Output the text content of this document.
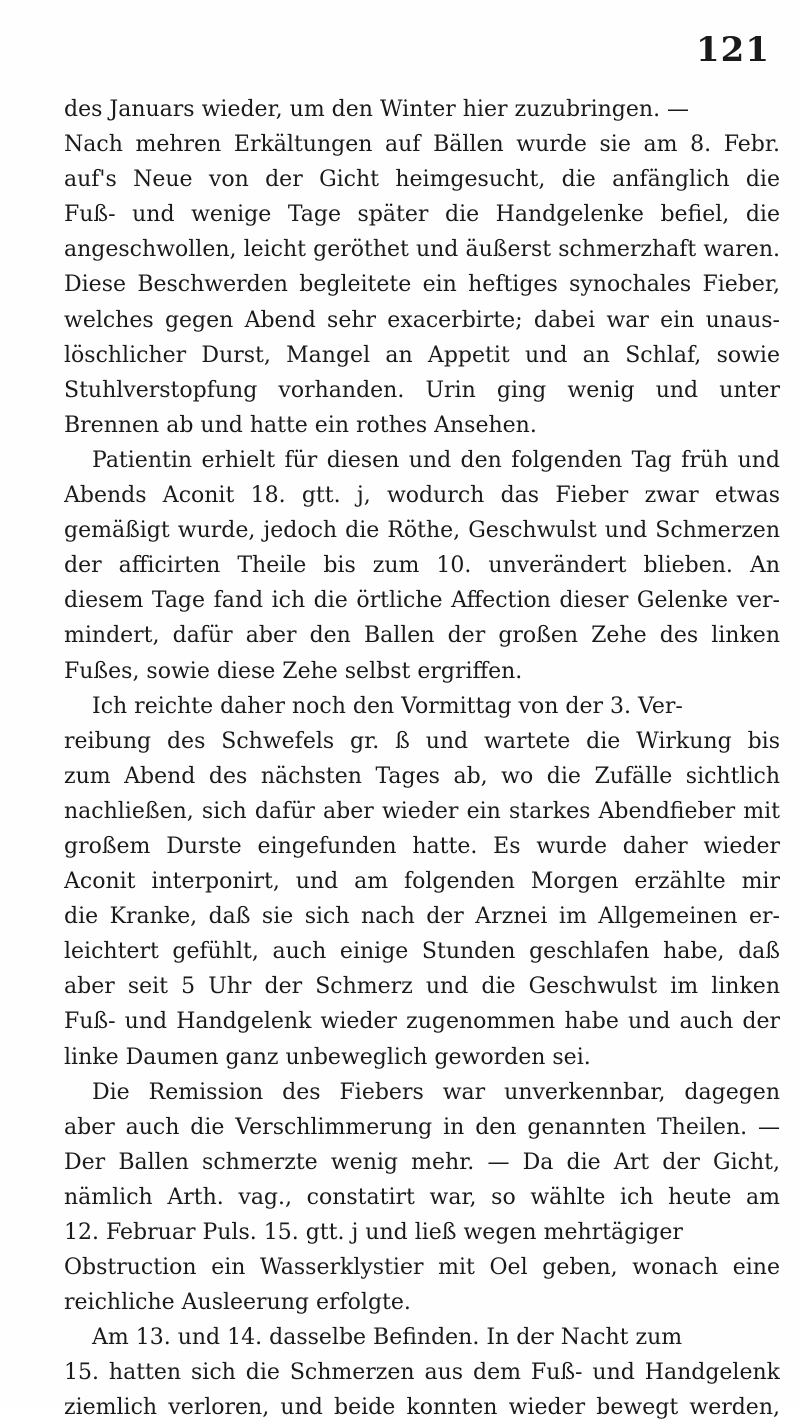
121
des Januars wieder, um den Winter hier zuzubringen. —
Nach mehren Erkältungen auf Bällen wurde sie am 8. Febr.
auf's Neue von der Gicht heimgesucht, die anfänglich die
Fuß- und wenige Tage später die Handgelenke befiel, die
angeschwollen, leicht geröthet und äußerst schmerzhaft waren.
Diese Beschwerden begleitete ein heftiges synochales Fieber,
welches gegen Abend sehr exacerbirte; dabei war ein unaus-
löschlicher Durst, Mangel an Appetit und an Schlaf, sowie
Stuhlverstopfung vorhanden. Urin ging wenig und unter
Brennen ab und hatte ein rothes Ansehen.
Patientin erhielt für diesen und den folgenden Tag früh und
Abends Aconit 18. gtt. j, wodurch das Fieber zwar etwas
gemäßigt wurde, jedoch die Röthe, Geschwulst und Schmerzen
der afficirten Theile bis zum 10. unverändert blieben. An
diesem Tage fand ich die örtliche Affection dieser Gelenke ver-
mindert, dafür aber den Ballen der großen Zehe des linken
Fußes, sowie diese Zehe selbst ergriffen.
Ich reichte daher noch den Vormittag von der 3. Ver-
reibung des Schwefels gr. ß und wartete die Wirkung bis
zum Abend des nächsten Tages ab, wo die Zufälle sichtlich
nachließen, sich dafür aber wieder ein starkes Abendfieber mit
großem Durste eingefunden hatte. Es wurde daher wieder
Aconit interponirt, und am folgenden Morgen erzählte mir
die Kranke, daß sie sich nach der Arznei im Allgemeinen er-
leichtert gefühlt, auch einige Stunden geschlafen habe, daß
aber seit 5 Uhr der Schmerz und die Geschwulst im linken
Fuß- und Handgelenk wieder zugenommen habe und auch der
linke Daumen ganz unbeweglich geworden sei.
Die Remission des Fiebers war unverkennbar, dagegen
aber auch die Verschlimmerung in den genannten Theilen. —
Der Ballen schmerzte wenig mehr. — Da die Art der Gicht,
nämlich Arth. vag., constatirt war, so wählte ich heute am
12. Februar Puls. 15. gtt. j und ließ wegen mehrtägiger
Obstruction ein Wasserklystier mit Oel geben, wonach eine
reichliche Ausleerung erfolgte.
Am 13. und 14. dasselbe Befinden. In der Nacht zum
15. hatten sich die Schmerzen aus dem Fuß- und Handgelenk
ziemlich verloren, und beide konnten wieder bewegt werden,
